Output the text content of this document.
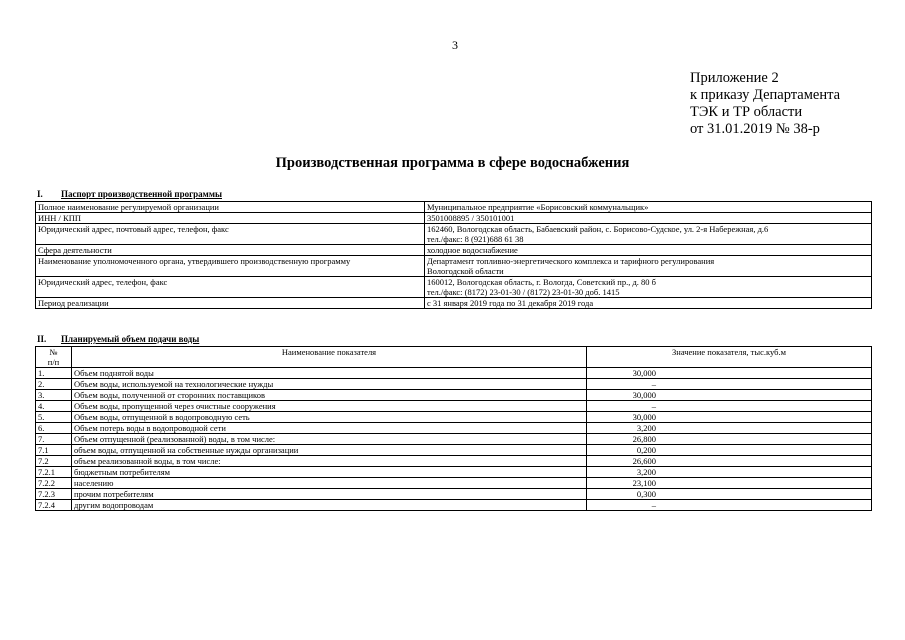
3
Приложение 2
к приказу Департамента
ТЭК и ТР области
от 31.01.2019 № 38-р
Производственная программа в сфере водоснабжения
I. Паспорт производственной программы
Полное наименование регулируемой организации	Муниципальное предприятие «Борисовский коммунальщик»

ИНН / КПП	3501008895 / 350101001

Юридический адрес, почтовый адрес, телефон, факс	162460, Вологодская область, Бабаевский район, с. Борисово-Судское, ул. 2-я Набережная, д.6
тел./факс: 8 (921)688 61 38

Сфера деятельности	холодное водоснабжение

Наименование уполномоченного органа, утвердившего производственную программу	Департамент топливно-энергетического комплекса и тарифного регулирования
Вологодской области

Юридический адрес, телефон, факс	160012, Вологодская область, г. Вологда, Советский пр., д. 80 б
тел./факс: (8172) 23-01-30 / (8172) 23-01-30 доб. 1415

Период реализации	с 31 января 2019 года по 31 декабря 2019 года
II. Планируемый объем подачи воды
№
п/п	Наименование показателя	Значение показателя, тыс.куб.м
1.	Объем поднятой воды	30,000
2.	Объем воды, используемой на технологические нужды	–
3.	Объем воды, полученной от сторонних поставщиков	30,000
4.	Объем воды, пропущенной через очистные сооружения	–
5.	Объем воды, отпущенной в водопроводную сеть	30,000
6.	Объем потерь воды в водопроводной сети	3,200
7.	Объем отпущенной (реализованной) воды, в том числе:	26,800
7.1	объем воды, отпущенной на собственные нужды организации	0,200
7.2	объем реализованной воды, в том числе:	26,600
7.2.1	бюджетным потребителям	3,200
7.2.2	населению	23,100
7.2.3	прочим потребителям	0,300
7.2.4	другим водопроводам	–
